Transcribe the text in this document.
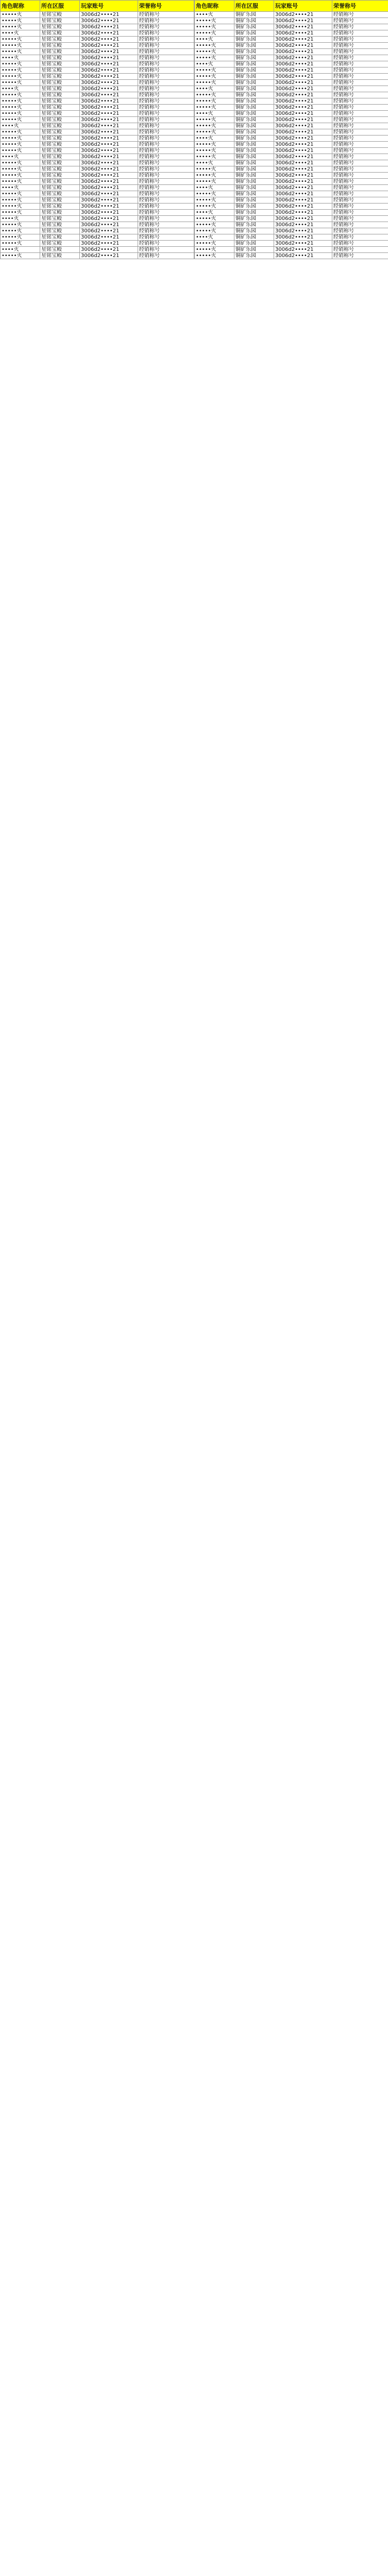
角色昵称	所在区服	玩家账号	荣誉称号
•••••火	星铭宝殿	3006d2••••21	经销称号
•••••火	星铭宝殿	3006d2••••21	经销称号
•••••火	星铭宝殿	3006d2••••21	经销称号
••••火	星铭宝殿	3006d2••••21	经销称号
•••••火	星铭宝殿	3006d2••••21	经销称号
•••••火	星铭宝殿	3006d2••••21	经销称号
•••••火	星铭宝殿	3006d2••••21	经销称号
••••火	星铭宝殿	3006d2••••21	经销称号
•••••火	星铭宝殿	3006d2••••21	经销称号
•••••火	星铭宝殿	3006d2••••21	经销称号
•••••火	星铭宝殿	3006d2••••21	经销称号
•••••火	星铭宝殿	3006d2••••21	经销称号
••••火	星铭宝殿	3006d2••••21	经销称号
•••••火	星铭宝殿	3006d2••••21	经销称号
•••••火	星铭宝殿	3006d2••••21	经销称号
•••••火	星铭宝殿	3006d2••••21	经销称号
•••••火	星铭宝殿	3006d2••••21	经销称号
•••••火	星铭宝殿	3006d2••••21	经销称号
••••火	星铭宝殿	3006d2••••21	经销称号
•••••火	星铭宝殿	3006d2••••21	经销称号
•••••火	星铭宝殿	3006d2••••21	经销称号
•••••火	星铭宝殿	3006d2••••21	经销称号
•••••火	星铭宝殿	3006d2••••21	经销称号
••••火	星铭宝殿	3006d2••••21	经销称号
•••••火	星铭宝殿	3006d2••••21	经销称号
•••••火	星铭宝殿	3006d2••••21	经销称号
•••••火	星铭宝殿	3006d2••••21	经销称号
•••••火	星铭宝殿	3006d2••••21	经销称号
••••火	星铭宝殿	3006d2••••21	经销称号
•••••火	星铭宝殿	3006d2••••21	经销称号
•••••火	星铭宝殿	3006d2••••21	经销称号
•••••火	星铭宝殿	3006d2••••21	经销称号
•••••火	星铭宝殿	3006d2••••21	经销称号
••••火	星铭宝殿	3006d2••••21	经销称号
•••••火	星铭宝殿	3006d2••••21	经销称号
•••••火	星铭宝殿	3006d2••••21	经销称号
•••••火	星铭宝殿	3006d2••••21	经销称号
•••••火	星铭宝殿	3006d2••••21	经销称号
••••火	星铭宝殿	3006d2••••21	经销称号
•••••火	星铭宝殿	3006d2••••21	经销称号
角色昵称	所在区服	玩家账号	荣誉称号
••••火	铜矿乐园	3006d2••••21	经销称号
•••••火	铜矿乐园	3006d2••••21	经销称号
•••••火	铜矿乐园	3006d2••••21	经销称号
•••••火	铜矿乐园	3006d2••••21	经销称号
••••火	铜矿乐园	3006d2••••21	经销称号
•••••火	铜矿乐园	3006d2••••21	经销称号
•••••火	铜矿乐园	3006d2••••21	经销称号
•••••火	铜矿乐园	3006d2••••21	经销称号
••••火	铜矿乐园	3006d2••••21	经销称号
•••••火	铜矿乐园	3006d2••••21	经销称号
•••••火	铜矿乐园	3006d2••••21	经销称号
•••••火	铜矿乐园	3006d2••••21	经销称号
••••火	铜矿乐园	3006d2••••21	经销称号
•••••火	铜矿乐园	3006d2••••21	经销称号
•••••火	铜矿乐园	3006d2••••21	经销称号
•••••火	铜矿乐园	3006d2••••21	经销称号
••••火	铜矿乐园	3006d2••••21	经销称号
•••••火	铜矿乐园	3006d2••••21	经销称号
•••••火	铜矿乐园	3006d2••••21	经销称号
•••••火	铜矿乐园	3006d2••••21	经销称号
••••火	铜矿乐园	3006d2••••21	经销称号
•••••火	铜矿乐园	3006d2••••21	经销称号
•••••火	铜矿乐园	3006d2••••21	经销称号
•••••火	铜矿乐园	3006d2••••21	经销称号
••••火	铜矿乐园	3006d2••••21	经销称号
•••••火	铜矿乐园	3006d2••••21	经销称号
•••••火	铜矿乐园	3006d2••••21	经销称号
•••••火	铜矿乐园	3006d2••••21	经销称号
••••火	铜矿乐园	3006d2••••21	经销称号
•••••火	铜矿乐园	3006d2••••21	经销称号
•••••火	铜矿乐园	3006d2••••21	经销称号
•••••火	铜矿乐园	3006d2••••21	经销称号
••••火	铜矿乐园	3006d2••••21	经销称号
•••••火	铜矿乐园	3006d2••••21	经销称号
•••••火	铜矿乐园	3006d2••••21	经销称号
•••••火	铜矿乐园	3006d2••••21	经销称号
••••火	铜矿乐园	3006d2••••21	经销称号
•••••火	铜矿乐园	3006d2••••21	经销称号
•••••火	铜矿乐园	3006d2••••21	经销称号
•••••火	铜矿乐园	3006d2••••21	经销称号
